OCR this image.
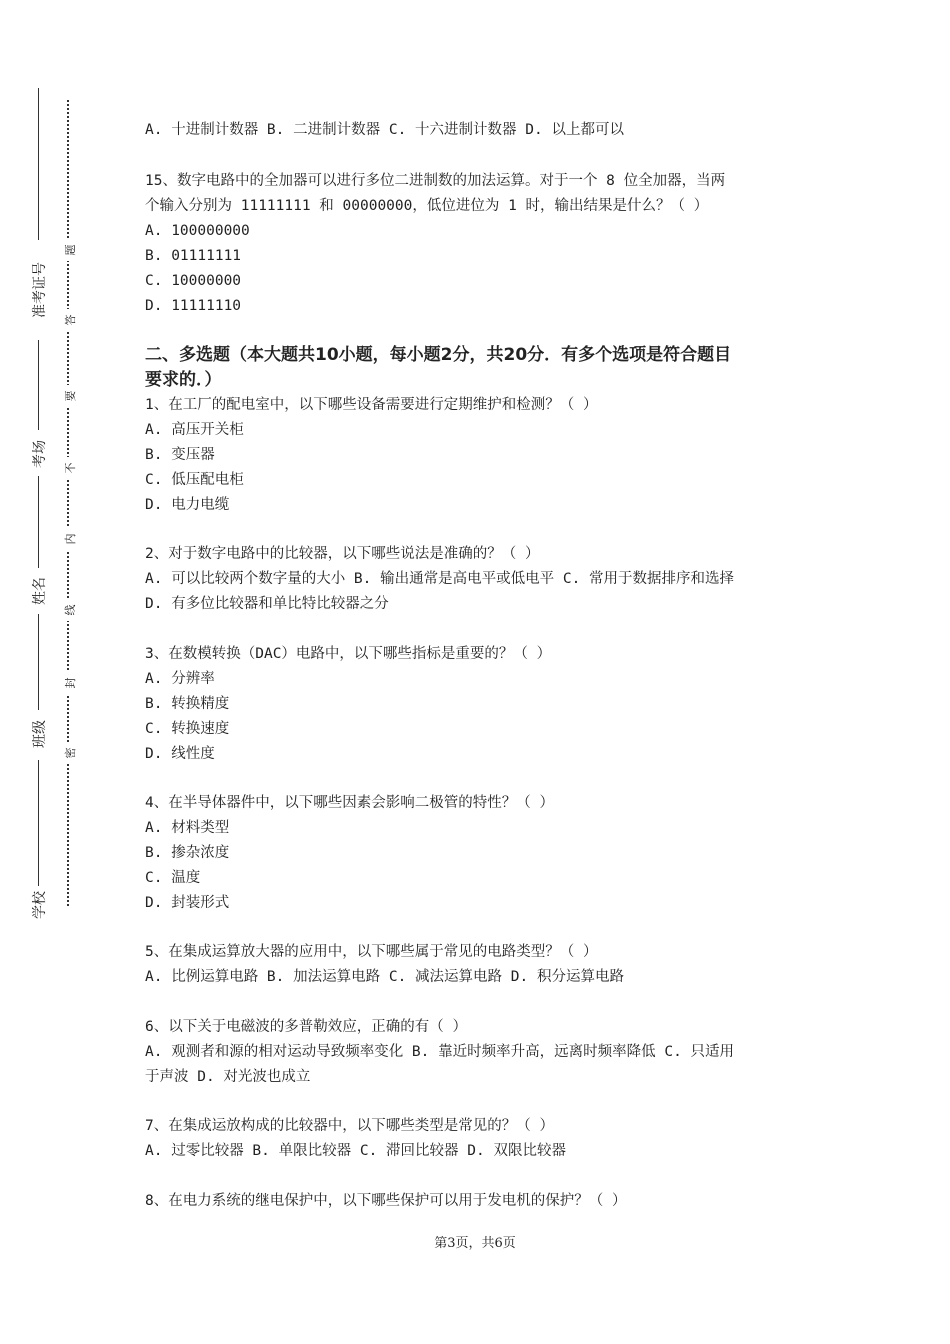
准考证号
考场
姓名
班级
学校
题
答
要
不
内
线
封
密
A. 十进制计数器 B. 二进制计数器 C. 十六进制计数器 D. 以上都可以
15、数字电路中的全加器可以进行多位二进制数的加法运算。对于一个 8 位全加器，当两
个输入分别为 11111111 和 00000000，低位进位为 1 时，输出结果是什么？（ ）
A. 100000000
B. 01111111
C. 10000000
D. 11111110
二、多选题（本大题共10小题，每小题2分，共20分．有多个选项是符合题目
要求的．）
1、在工厂的配电室中，以下哪些设备需要进行定期维护和检测？（ ）
A. 高压开关柜
B. 变压器
C. 低压配电柜
D. 电力电缆
2、对于数字电路中的比较器，以下哪些说法是准确的？（ ）
A. 可以比较两个数字量的大小 B. 输出通常是高电平或低电平 C. 常用于数据排序和选择
D. 有多位比较器和单比特比较器之分
3、在数模转换（DAC）电路中，以下哪些指标是重要的？（ ）
A. 分辨率
B. 转换精度
C. 转换速度
D. 线性度
4、在半导体器件中，以下哪些因素会影响二极管的特性？（ ）
A. 材料类型
B. 掺杂浓度
C. 温度
D. 封装形式
5、在集成运算放大器的应用中，以下哪些属于常见的电路类型？（ ）
A. 比例运算电路 B. 加法运算电路 C. 减法运算电路 D. 积分运算电路
6、以下关于电磁波的多普勒效应，正确的有（ ）
A. 观测者和源的相对运动导致频率变化 B. 靠近时频率升高，远离时频率降低 C. 只适用
于声波 D. 对光波也成立
7、在集成运放构成的比较器中，以下哪些类型是常见的？（ ）
A. 过零比较器 B. 单限比较器 C. 滞回比较器 D. 双限比较器
8、在电力系统的继电保护中，以下哪些保护可以用于发电机的保护？（ ）
第3页，共6页
